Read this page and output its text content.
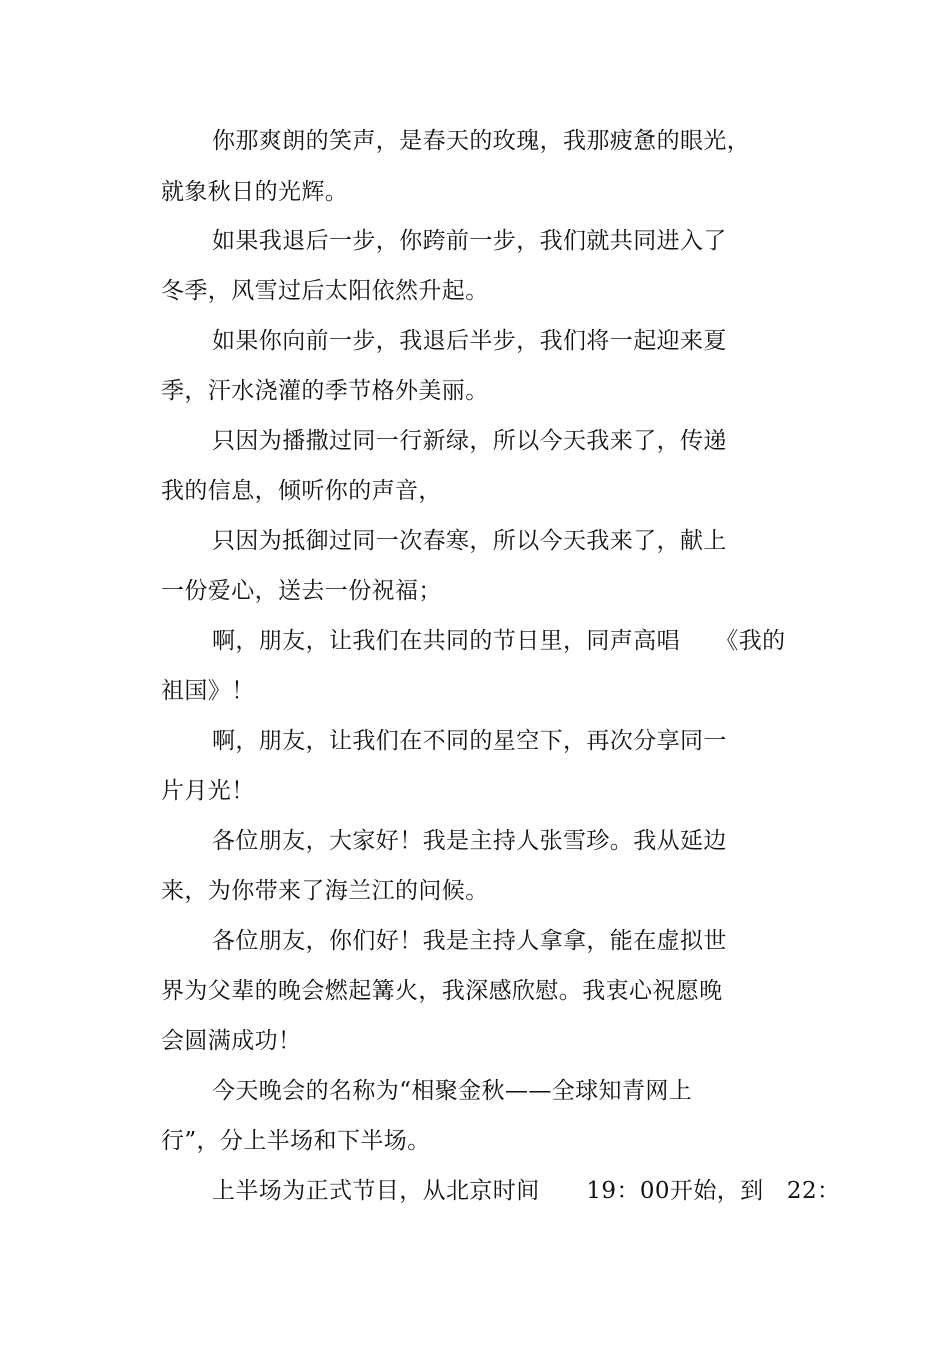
你那爽朗的笑声，是春天的玫瑰，我那疲惫的眼光，
就象秋日的光辉。
如果我退后一步，你跨前一步，我们就共同进入了
冬季，风雪过后太阳依然升起。
如果你向前一步，我退后半步，我们将一起迎来夏
季，汗水浇灌的季节格外美丽。
只因为播撒过同一行新绿，所以今天我来了，传递
我的信息，倾听你的声音，
只因为抵御过同一次春寒，所以今天我来了，献上
一份爱心，送去一份祝福；
啊，朋友，让我们在共同的节日里，同声高唱　　《我的
祖国》！
啊，朋友，让我们在不同的星空下，再次分享同一
片月光！
各位朋友，大家好！我是主持人张雪珍。我从延边
来，为你带来了海兰江的问候。
各位朋友，你们好！我是主持人拿拿，能在虚拟世
界为父辈的晚会燃起篝火，我深感欣慰。我衷心祝愿晚
会圆满成功！
今天晚会的名称为“相聚金秋——全球知青网上
行”，分上半场和下半场。
上半场为正式节目，从北京时间　　19：00开始，到　22：
